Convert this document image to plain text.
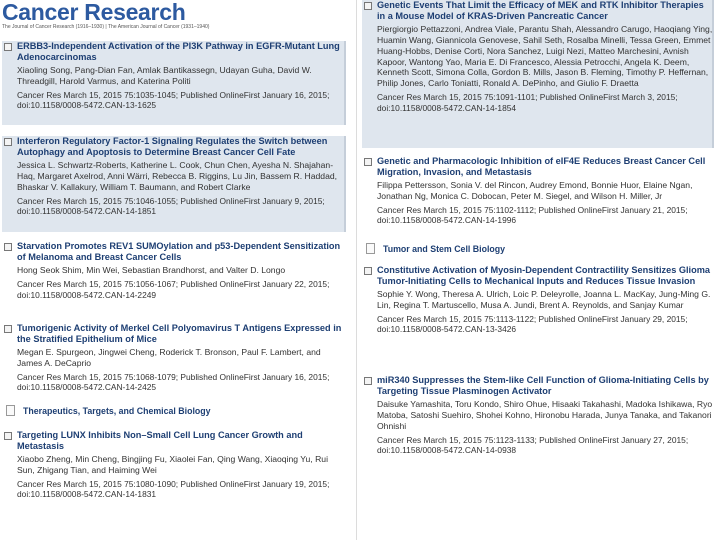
Cancer Research
The Journal of Cancer Research (1916–1930) | The American Journal of Cancer (1931–1940)
ERBB3-Independent Activation of the PI3K Pathway in EGFR-Mutant Lung Adenocarcinomas
Xiaoling Song, Pang-Dian Fan, Amlak Bantikassegn, Udayan Guha, David W. Threadgill, Harold Varmus, and Katerina Politi
Cancer Res March 15, 2015 75:1035-1045; Published OnlineFirst January 16, 2015; doi:10.1158/0008-5472.CAN-13-1625
Interferon Regulatory Factor-1 Signaling Regulates the Switch between Autophagy and Apoptosis to Determine Breast Cancer Cell Fate
Jessica L. Schwartz-Roberts, Katherine L. Cook, Chun Chen, Ayesha N. Shajahan-Haq, Margaret Axelrod, Anni Wärri, Rebecca B. Riggins, Lu Jin, Bassem R. Haddad, Bhaskar V. Kallakury, William T. Baumann, and Robert Clarke
Cancer Res March 15, 2015 75:1046-1055; Published OnlineFirst January 9, 2015; doi:10.1158/0008-5472.CAN-14-1851
Starvation Promotes REV1 SUMOylation and p53-Dependent Sensitization of Melanoma and Breast Cancer Cells
Hong Seok Shim, Min Wei, Sebastian Brandhorst, and Valter D. Longo
Cancer Res March 15, 2015 75:1056-1067; Published OnlineFirst January 22, 2015; doi:10.1158/0008-5472.CAN-14-2249
Tumorigenic Activity of Merkel Cell Polyomavirus T Antigens Expressed in the Stratified Epithelium of Mice
Megan E. Spurgeon, Jingwei Cheng, Roderick T. Bronson, Paul F. Lambert, and James A. DeCaprio
Cancer Res March 15, 2015 75:1068-1079; Published OnlineFirst January 16, 2015; doi:10.1158/0008-5472.CAN-14-2425
Therapeutics, Targets, and Chemical Biology
Targeting LUNX Inhibits Non–Small Cell Lung Cancer Growth and Metastasis
Xiaobo Zheng, Min Cheng, Bingjing Fu, Xiaolei Fan, Qing Wang, Xiaoqing Yu, Rui Sun, Zhigang Tian, and Haiming Wei
Cancer Res March 15, 2015 75:1080-1090; Published OnlineFirst January 19, 2015; doi:10.1158/0008-5472.CAN-14-1831
Genetic Events That Limit the Efficacy of MEK and RTK Inhibitor Therapies in a Mouse Model of KRAS-Driven Pancreatic Cancer
Piergiorgio Pettazzoni, Andrea Viale, Parantu Shah, Alessandro Carugo, Haoqiang Ying, Huamin Wang, Giannicola Genovese, Sahil Seth, Rosalba Minelli, Tessa Green, Emmet Huang-Hobbs, Denise Corti, Nora Sanchez, Luigi Nezi, Matteo Marchesini, Avnish Kapoor, Wantong Yao, Maria E. Di Francesco, Alessia Petrocchi, Angela K. Deem, Kenneth Scott, Simona Colla, Gordon B. Mills, Jason B. Fleming, Timothy P. Heffernan, Philip Jones, Carlo Toniatti, Ronald A. DePinho, and Giulio F. Draetta
Cancer Res March 15, 2015 75:1091-1101; Published OnlineFirst March 3, 2015; doi:10.1158/0008-5472.CAN-14-1854
Genetic and Pharmacologic Inhibition of eIF4E Reduces Breast Cancer Cell Migration, Invasion, and Metastasis
Filippa Pettersson, Sonia V. del Rincon, Audrey Emond, Bonnie Huor, Elaine Ngan, Jonathan Ng, Monica C. Dobocan, Peter M. Siegel, and Wilson H. Miller, Jr
Cancer Res March 15, 2015 75:1102-1112; Published OnlineFirst January 21, 2015; doi:10.1158/0008-5472.CAN-14-1996
Tumor and Stem Cell Biology
Constitutive Activation of Myosin-Dependent Contractility Sensitizes Glioma Tumor-Initiating Cells to Mechanical Inputs and Reduces Tissue Invasion
Sophie Y. Wong, Theresa A. Ulrich, Loic P. Deleyrolle, Joanna L. MacKay, Jung-Ming G. Lin, Regina T. Martuscello, Musa A. Jundi, Brent A. Reynolds, and Sanjay Kumar
Cancer Res March 15, 2015 75:1113-1122; Published OnlineFirst January 29, 2015; doi:10.1158/0008-5472.CAN-13-3426
miR340 Suppresses the Stem-like Cell Function of Glioma-Initiating Cells by Targeting Tissue Plasminogen Activator
Daisuke Yamashita, Toru Kondo, Shiro Ohue, Hisaaki Takahashi, Madoka Ishikawa, Ryo Matoba, Satoshi Suehiro, Shohei Kohno, Hironobu Harada, Junya Tanaka, and Takanori Ohnishi
Cancer Res March 15, 2015 75:1123-1133; Published OnlineFirst January 27, 2015; doi:10.1158/0008-5472.CAN-14-0938
